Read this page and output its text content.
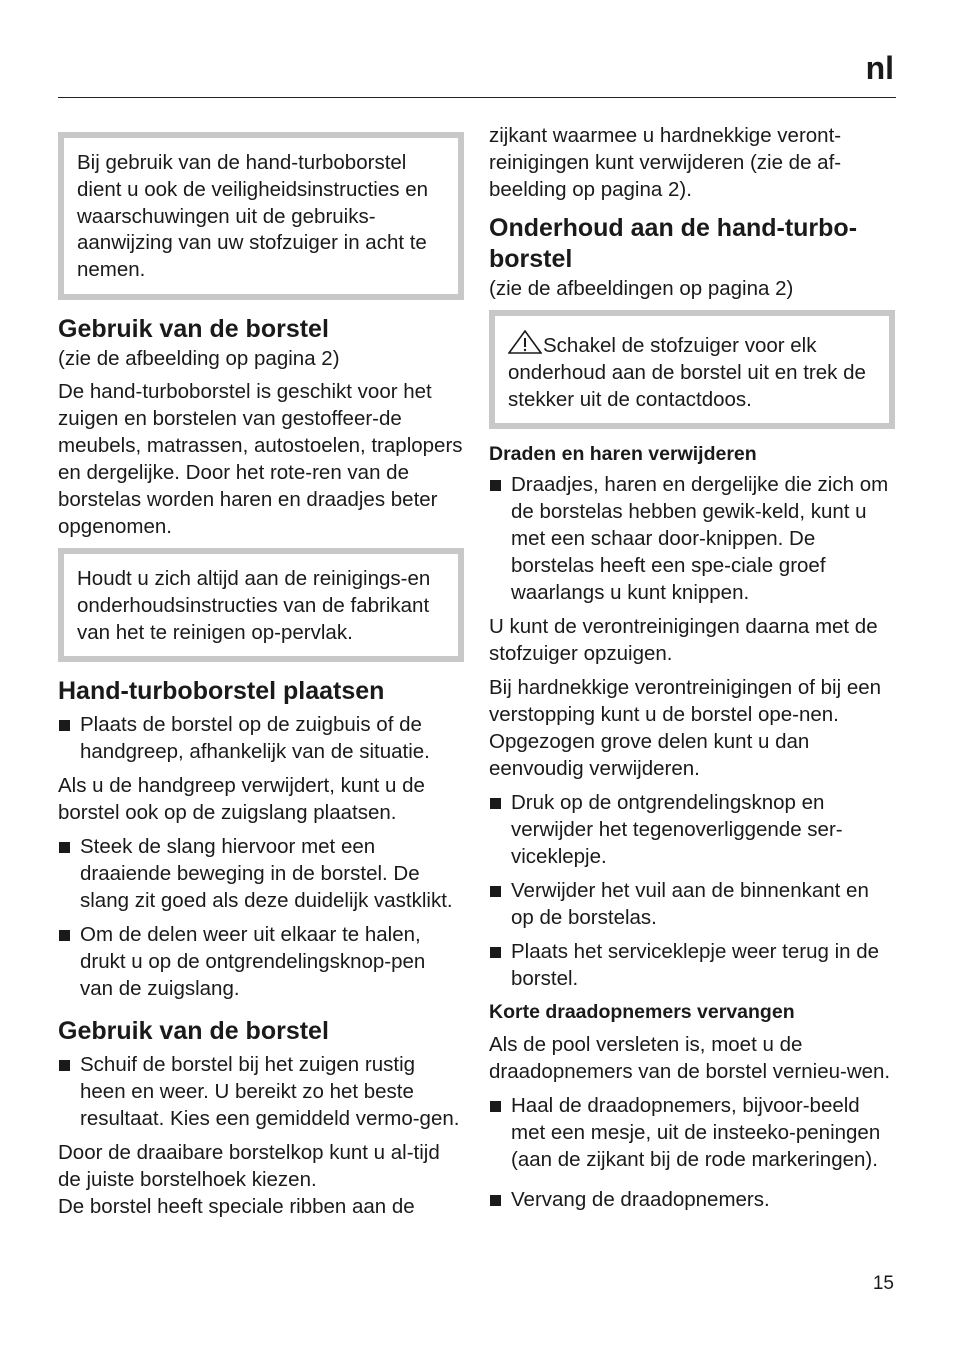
nl

Bij gebruik van de hand-turboborstel dient u ook de veiligheidsinstructies en waarschuwingen uit de gebruiks-aanwijzing van uw stofzuiger in acht te nemen.

Gebruik van de borstel

(zie de afbeelding op pagina 2)

De hand-turboborstel is geschikt voor het zuigen en borstelen van gestoffeer-de meubels, matrassen, autostoelen, traplopers en dergelijke. Door het rote-ren van de borstelas worden haren en draadjes beter opgenomen.

Houdt u zich altijd aan de reinigings-en onderhoudsinstructies van de fabrikant van het te reinigen op-pervlak.

Hand-turboborstel plaatsen
Plaats de borstel op de zuigbuis of de handgreep, afhankelijk van de situatie.

Als u de handgreep verwijdert, kunt u de borstel ook op de zuigslang plaatsen.

Steek de slang hiervoor met een draaiende beweging in de borstel. De slang zit goed als deze duidelijk vastklikt.
Om de delen weer uit elkaar te halen, drukt u op de ontgrendelingsknop-pen van de zuigslang.
Gebruik van de borstel
Schuif de borstel bij het zuigen rustig heen en weer. U bereikt zo het beste resultaat. Kies een gemiddeld vermo-gen.

Door de draaibare borstelkop kunt u al-tijd de juiste borstelhoek kiezen.

De borstel heeft speciale ribben aan de

zijkant waarmee u hardnekkige veront-reinigingen kunt verwijderen (zie de af-beelding op pagina 2).

Onderhoud aan de hand-turbo-borstel

(zie de afbeeldingen op pagina 2)

Schakel de stofzuiger voor elk onderhoud aan de borstel uit en trek de stekker uit de contactdoos.

Draden en haren verwijderen
Draadjes, haren en dergelijke die zich om de borstelas hebben gewik-keld, kunt u met een schaar door-knippen. De borstelas heeft een spe-ciale groef waarlangs u kunt knippen.

U kunt de verontreinigingen daarna met de stofzuiger opzuigen.

Bij hardnekkige verontreinigingen of bij een verstopping kunt u de borstel ope-nen. Opgezogen grove delen kunt u dan eenvoudig verwijderen.

Druk op de ontgrendelingsknop en verwijder het tegenoverliggende ser-viceklepje.
Verwijder het vuil aan de binnenkant en op de borstelas.
Plaats het serviceklepje weer terug in de borstel.
Korte draadopnemers vervangen

Als de pool versleten is, moet u de draadopnemers van de borstel vernieu-wen.

Haal de draadopnemers, bijvoor-beeld met een mesje, uit de insteeko-peningen (aan de zijkant bij de rode markeringen).
Vervang de draadopnemers.
15
